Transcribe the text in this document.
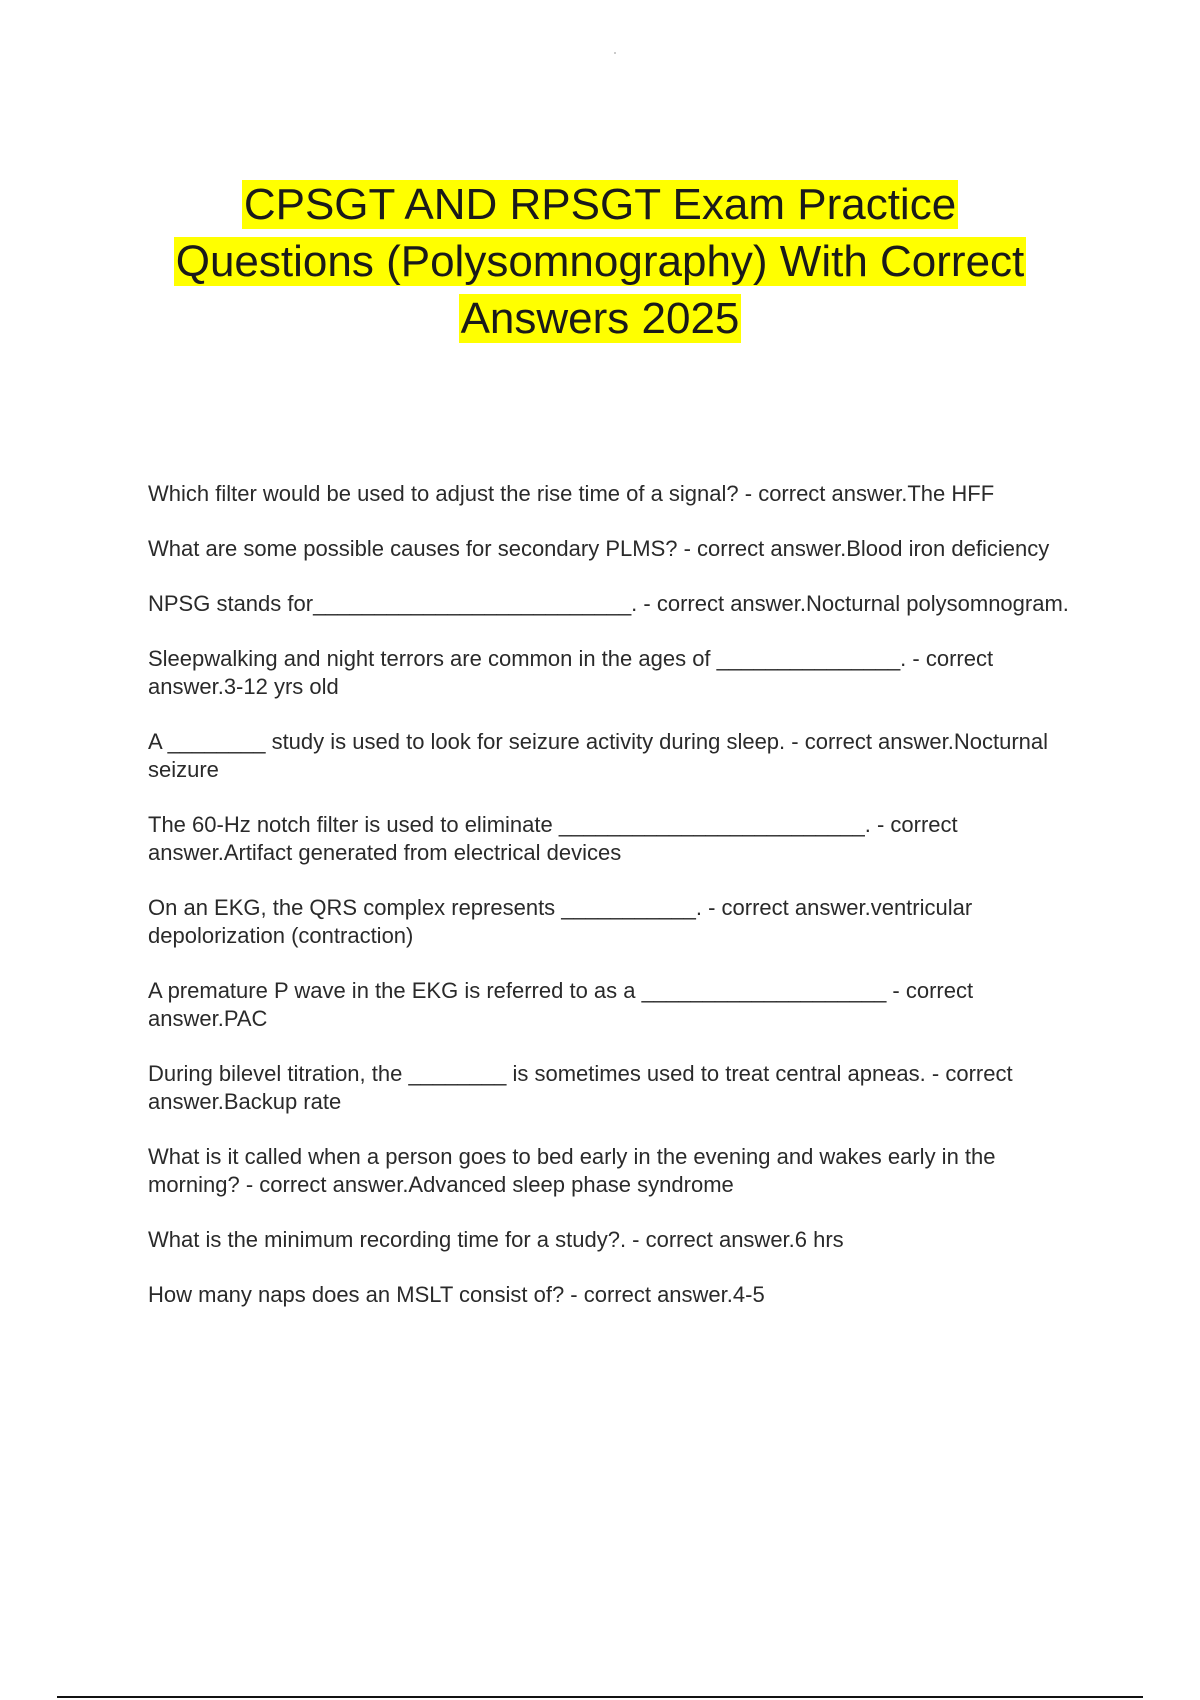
CPSGT AND RPSGT Exam Practice
Questions (Polysomnography) With Correct
Answers 2025
Which filter would be used to adjust the rise time of a signal? - correct answer.The HFF
What are some possible causes for secondary PLMS? - correct answer.Blood iron deficiency
NPSG stands for__________________________. - correct answer.Nocturnal polysomnogram.
Sleepwalking and night terrors are common in the ages of _______________. - correct answer.3-12 yrs old
A ________ study is used to look for seizure activity during sleep. - correct answer.Nocturnal seizure
The 60-Hz notch filter is used to eliminate _________________________. - correct answer.Artifact generated from electrical devices
On an EKG, the QRS complex represents ___________. - correct answer.ventricular depolorization (contraction)
A premature P wave in the EKG is referred to as a ____________________ - correct answer.PAC
During bilevel titration, the ________ is sometimes used to treat central apneas. - correct answer.Backup rate
What is it called when a person goes to bed early in the evening and wakes early in the morning? - correct answer.Advanced sleep phase syndrome
What is the minimum recording time for a study?. - correct answer.6 hrs
How many naps does an MSLT consist of? - correct answer.4-5
